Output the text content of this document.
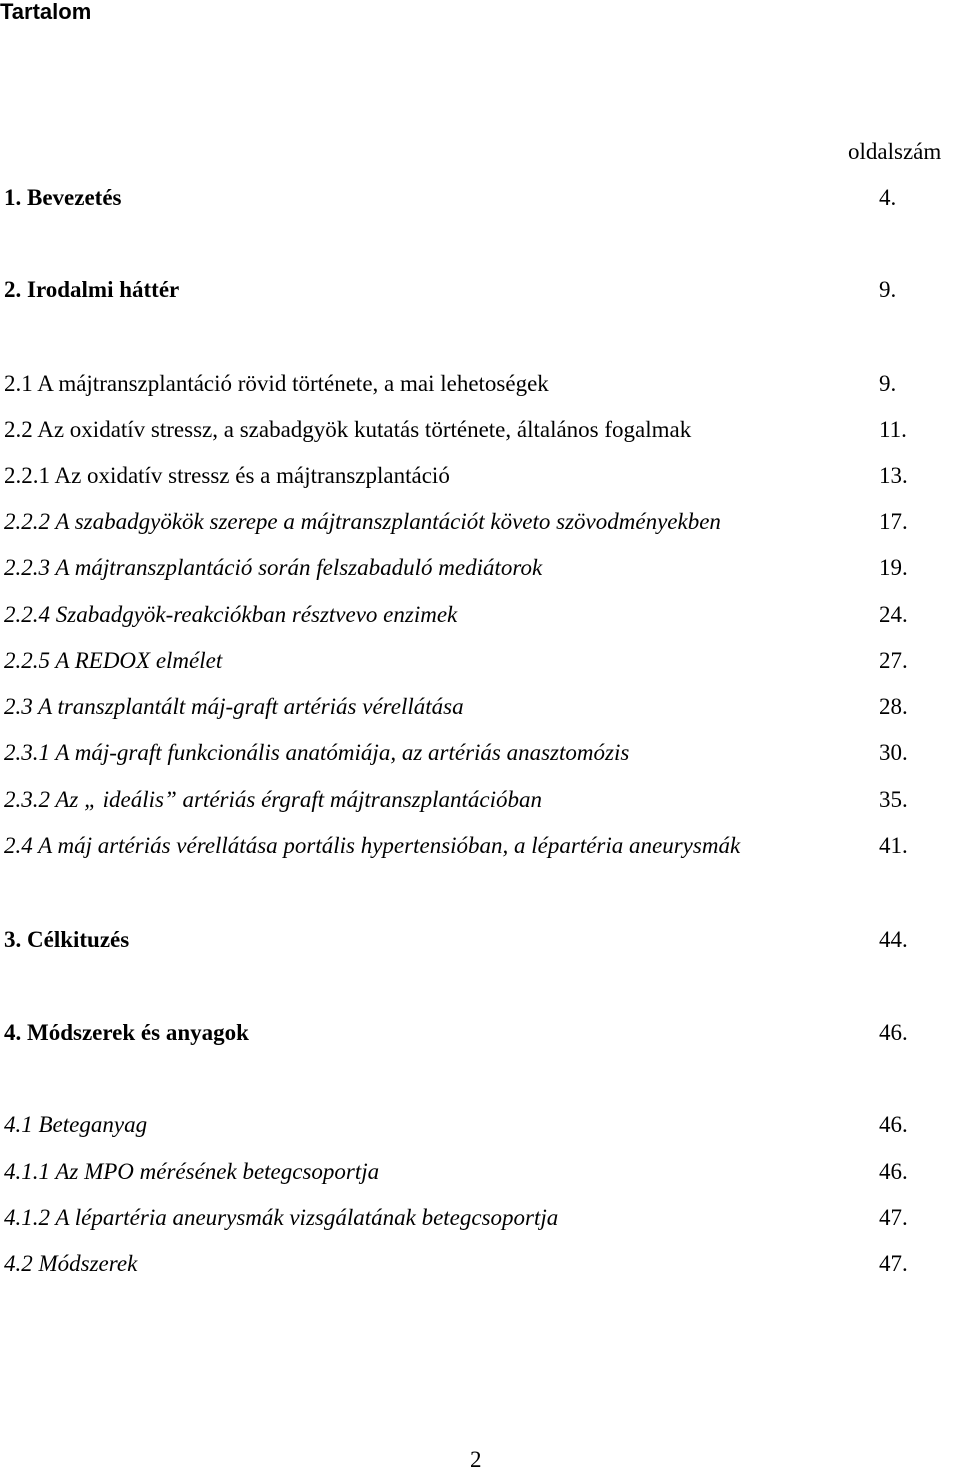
Tartalom
oldalszám
1. Bevezetés	4.
2. Irodalmi háttér	9.
2.1 A májtranszplantáció rövid története, a mai lehetoségek	9.
2.2 Az oxidatív stressz, a szabadgyök kutatás története, általános fogalmak	11.
2.2.1 Az oxidatív stressz és a májtranszplantáció	13.
2.2.2 A szabadgyökök szerepe a májtranszplantációt követo szövodményekben	17.
2.2.3 A májtranszplantáció során felszabaduló mediátorok	19.
2.2.4 Szabadgyök-reakciókban résztvevo enzimek	24.
2.2.5 A REDOX elmélet	27.
2.3 A transzplantált máj-graft artériás vérellátása	28.
2.3.1 A máj-graft funkcionális anatómiája, az artériás anasztomózis	30.
2.3.2 Az „ ideális” artériás érgraft májtranszplantációban	35.
2.4 A máj artériás vérellátása portális hypertensióban, a lépartéria aneurysmák	41.
3. Célkituzés	44.
4. Módszerek és anyagok	46.
4.1 Beteganyag	46.
4.1.1 Az MPO mérésének betegcsoportja	46.
4.1.2 A lépartéria aneurysmák vizsgálatának betegcsoportja	47.
4.2 Módszerek	47.
2
